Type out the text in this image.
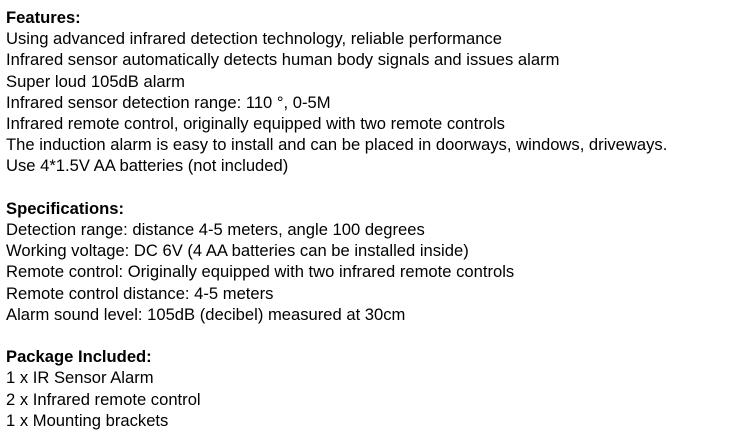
Features:
Using advanced infrared detection technology, reliable performance
Infrared sensor automatically detects human body signals and issues alarm
Super loud 105dB alarm
Infrared sensor detection range: 110 °, 0-5M
Infrared remote control, originally equipped with two remote controls
The induction alarm is easy to install and can be placed in doorways, windows, driveways.
Use 4*1.5V AA batteries (not included)
Specifications:
Detection range: distance 4-5 meters, angle 100 degrees
Working voltage: DC 6V (4 AA batteries can be installed inside)
Remote control: Originally equipped with two infrared remote controls
Remote control distance: 4-5 meters
Alarm sound level: 105dB (decibel) measured at 30cm
Package Included:
1 x IR Sensor Alarm
2 x Infrared remote control
1 x Mounting brackets
